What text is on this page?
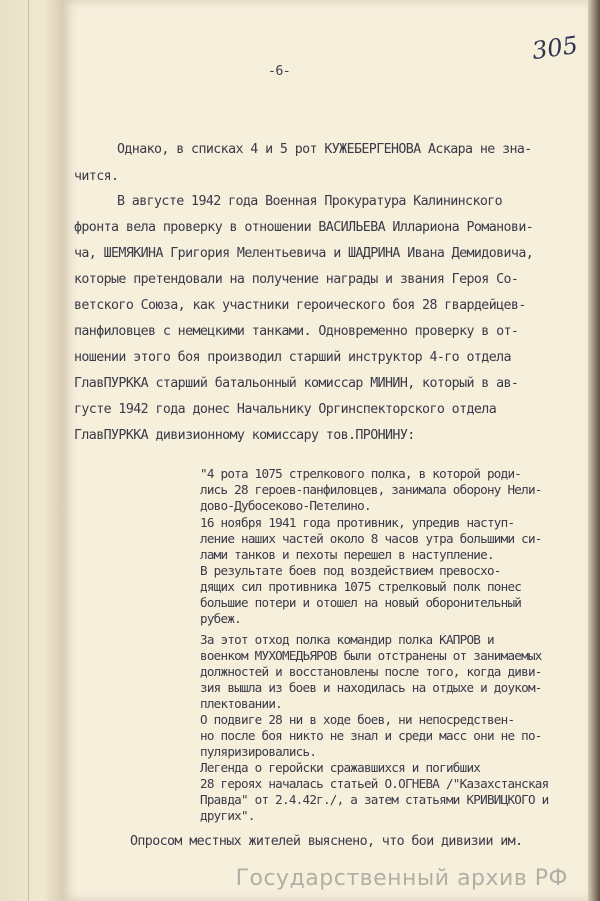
305
-6-
Однако, в списках 4 и 5 рот КУЖЕБЕРГЕНОВА Аскара не зна-
чится.
В августе 1942 года Военная Прокуратура Калининского
фронта вела проверку в отношении ВАСИЛЬЕВА Иллариона Романови-
ча, ШЕМЯКИНА Григория Мелентьевича и ШАДРИНА Ивана Демидовича,
которые претендовали на получение награды и звания Героя Со-
ветского Союза, как участники героического боя 28 гвардейцев-
панфиловцев с немецкими танками. Одновременно проверку в от-
ношении этого боя производил старший инструктор 4-го отдела
ГлавПУРККА старший батальонный комиссар МИНИН, который в ав-
густе 1942 года донес Начальнику Оргинспекторского отдела
ГлавПУРККА дивизионному комиссару тов.ПРОНИНУ:
"4 рота 1075 стрелкового полка, в которой роди-
лись 28 героев-панфиловцев, занимала оборону Нели-
дово-Дубосеково-Петелино.
16 ноября 1941 года противник, упредив наступ-
ление наших частей около 8 часов утра большими си-
лами танков и пехоты перешел в наступление.
В результате боев под воздействием превосхо-
дящих сил противника 1075 стрелковый полк понес
большие потери и отошел на новый оборонительный
рубеж.
За этот отход полка командир полка КАПРОВ и
военком МУХОМЕДЬЯРОВ были отстранены от занимаемых
должностей и восстановлены после того, когда диви-
зия вышла из боев и находилась на отдыхе и доуком-
плектовании.
О подвиге 28 ни в ходе боев, ни непосредствен-
но после боя никто не знал и среди масс они не по-
пуляризировались.
Легенда о геройски сражавшихся и погибших
28 героях началась статьей О.ОГНЕВА /"Казахстанская
Правда" от 2.4.42г./, а затем статьями КРИВИЦКОГО и
других".
Опросом местных жителей выяснено, что бои дивизии им.
Государственный архив РФ
